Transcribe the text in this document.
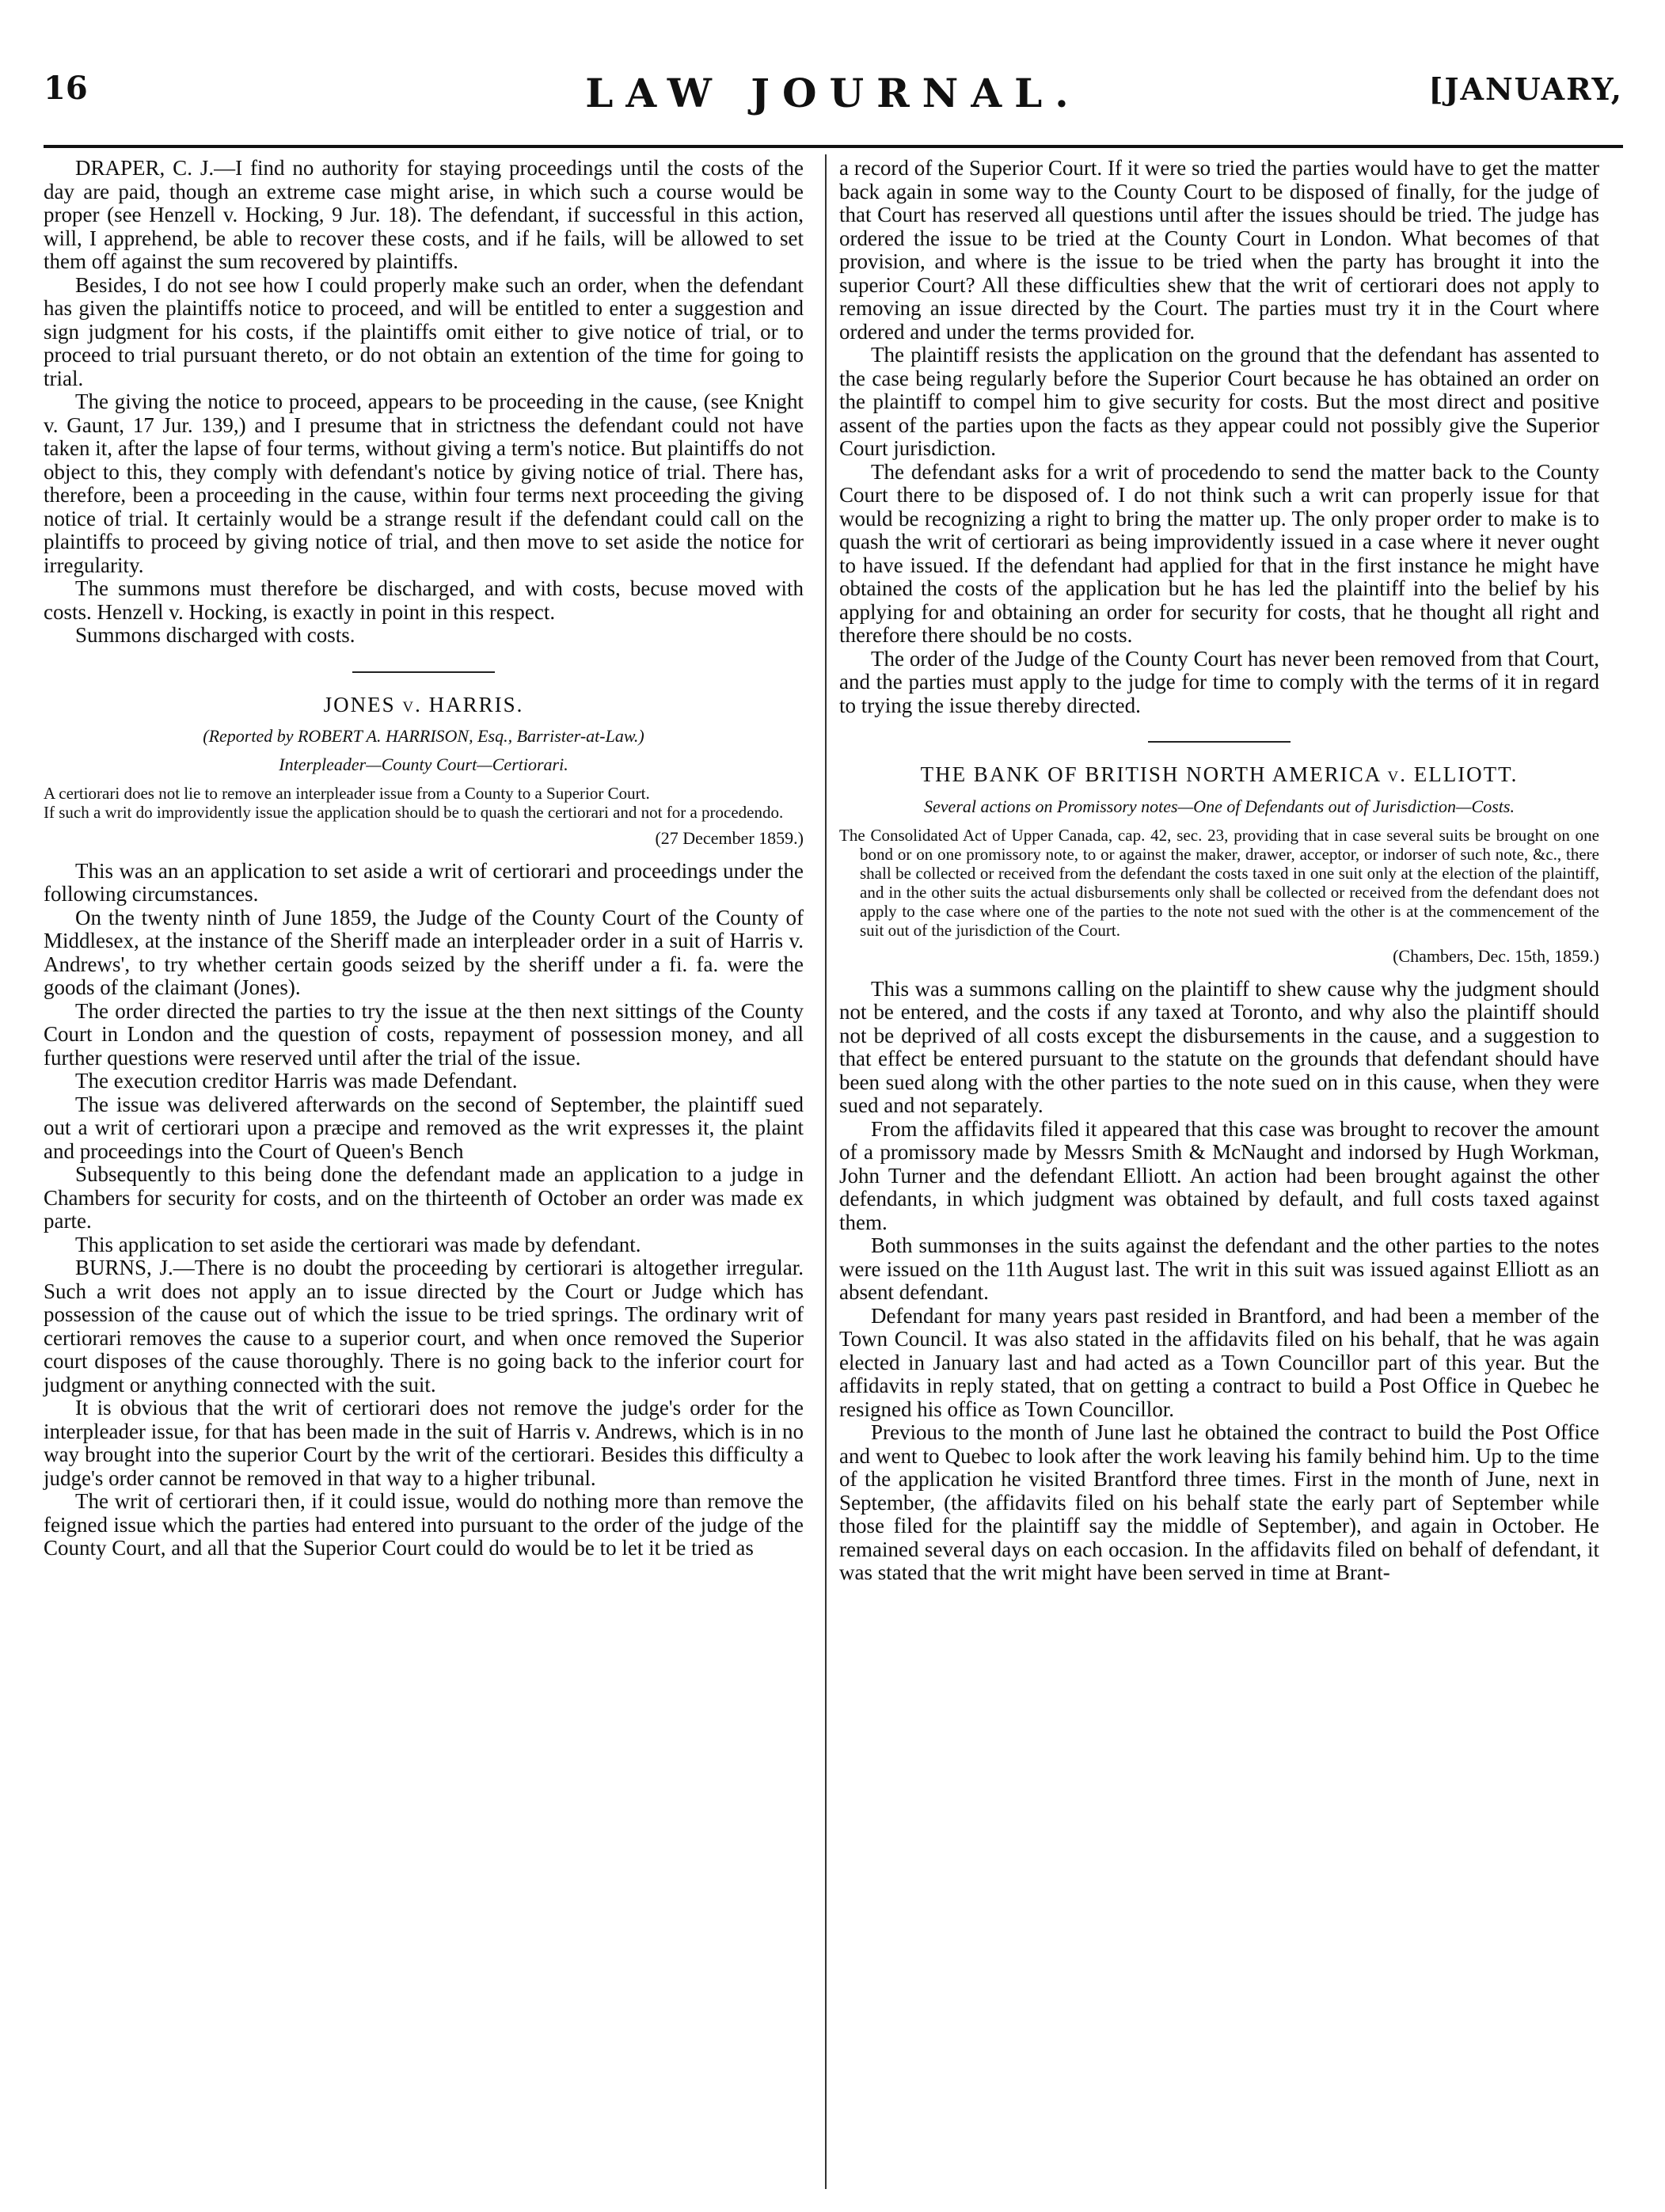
16	LAW JOURNAL.	[JANUARY,

DRAPER, C. J.—I find no authority for staying proceedings until the costs of the day are paid, though an extreme case might arise, in which such a course would be proper (see Henzell v. Hocking, 9 Jur. 18). The defendant, if successful in this action, will, I apprehend, be able to recover these costs, and if he fails, will be allowed to set them off against the sum recovered by plaintiffs.

Besides, I do not see how I could properly make such an order, when the defendant has given the plaintiffs notice to proceed, and will be entitled to enter a suggestion and sign judgment for his costs, if the plaintiffs omit either to give notice of trial, or to proceed to trial pursuant thereto, or do not obtain an extention of the time for going to trial.

The giving the notice to proceed, appears to be proceeding in the cause, (see Knight v. Gaunt, 17 Jur. 139,) and I presume that in strictness the defendant could not have taken it, after the lapse of four terms, without giving a term's notice. But plaintiffs do not object to this, they comply with defendant's notice by giving notice of trial. There has, therefore, been a proceeding in the cause, within four terms next proceeding the giving notice of trial. It certainly would be a strange result if the defendant could call on the plaintiffs to proceed by giving notice of trial, and then move to set aside the notice for irregularity.

The summons must therefore be discharged, and with costs, becuse moved with costs. Henzell v. Hocking, is exactly in point in this respect.

Summons discharged with costs.

JONES v. HARRIS.

(Reported by ROBERT A. HARRISON, Esq., Barrister-at-Law.)

Interpleader—County Court—Certiorari.

A certiorari does not lie to remove an interpleader issue from a County to a Superior Court.

If such a writ do improvidently issue the application should be to quash the certiorari and not for a procedendo.

(27 December 1859.)

This was an an application to set aside a writ of certiorari and proceedings under the following circumstances.

On the twenty ninth of June 1859, the Judge of the County Court of the County of Middlesex, at the instance of the Sheriff made an interpleader order in a suit of Harris v. Andrews', to try whether certain goods seized by the sheriff under a fi. fa. were the goods of the claimant (Jones).

The order directed the parties to try the issue at the then next sittings of the County Court in London and the question of costs, repayment of possession money, and all further questions were reserved until after the trial of the issue.

The execution creditor Harris was made Defendant.

The issue was delivered afterwards on the second of September, the plaintiff sued out a writ of certiorari upon a præcipe and removed as the writ expresses it, the plaint and proceedings into the Court of Queen's Bench

Subsequently to this being done the defendant made an application to a judge in Chambers for security for costs, and on the thirteenth of October an order was made ex parte.

This application to set aside the certiorari was made by defendant.

BURNS, J.—There is no doubt the proceeding by certiorari is altogether irregular. Such a writ does not apply an to issue directed by the Court or Judge which has possession of the cause out of which the issue to be tried springs. The ordinary writ of certiorari removes the cause to a superior court, and when once removed the Superior court disposes of the cause thoroughly. There is no going back to the inferior court for judgment or anything connected with the suit.

It is obvious that the writ of certiorari does not remove the judge's order for the interpleader issue, for that has been made in the suit of Harris v. Andrews, which is in no way brought into the superior Court by the writ of the certiorari. Besides this difficulty a judge's order cannot be removed in that way to a higher tribunal.

The writ of certiorari then, if it could issue, would do nothing more than remove the feigned issue which the parties had entered into pursuant to the order of the judge of the County Court, and all that the Superior Court could do would be to let it be tried as

a record of the Superior Court. If it were so tried the parties would have to get the matter back again in some way to the County Court to be disposed of finally, for the judge of that Court has reserved all questions until after the issues should be tried. The judge has ordered the issue to be tried at the County Court in London. What becomes of that provision, and where is the issue to be tried when the party has brought it into the superior Court? All these difficulties shew that the writ of certiorari does not apply to removing an issue directed by the Court. The parties must try it in the Court where ordered and under the terms provided for.

The plaintiff resists the application on the ground that the defendant has assented to the case being regularly before the Superior Court because he has obtained an order on the plaintiff to compel him to give security for costs. But the most direct and positive assent of the parties upon the facts as they appear could not possibly give the Superior Court jurisdiction.

The defendant asks for a writ of procedendo to send the matter back to the County Court there to be disposed of. I do not think such a writ can properly issue for that would be recognizing a right to bring the matter up. The only proper order to make is to quash the writ of certiorari as being improvidently issued in a case where it never ought to have issued. If the defendant had applied for that in the first instance he might have obtained the costs of the application but he has led the plaintiff into the belief by his applying for and obtaining an order for security for costs, that he thought all right and therefore there should be no costs.

The order of the Judge of the County Court has never been removed from that Court, and the parties must apply to the judge for time to comply with the terms of it in regard to trying the issue thereby directed.

THE BANK OF BRITISH NORTH AMERICA v. ELLIOTT.

Several actions on Promissory notes—One of Defendants out of Jurisdiction—Costs.

The Consolidated Act of Upper Canada, cap. 42, sec. 23, providing that in case several suits be brought on one bond or on one promissory note, to or against the maker, drawer, acceptor, or indorser of such note, &c., there shall be collected or received from the defendant the costs taxed in one suit only at the election of the plaintiff, and in the other suits the actual disbursements only shall be collected or received from the defendant does not apply to the case where one of the parties to the note not sued with the other is at the commencement of the suit out of the jurisdiction of the Court.

(Chambers, Dec. 15th, 1859.)

This was a summons calling on the plaintiff to shew cause why the judgment should not be entered, and the costs if any taxed at Toronto, and why also the plaintiff should not be deprived of all costs except the disbursements in the cause, and a suggestion to that effect be entered pursuant to the statute on the grounds that defendant should have been sued along with the other parties to the note sued on in this cause, when they were sued and not separately.

From the affidavits filed it appeared that this case was brought to recover the amount of a promissory made by Messrs Smith & McNaught and indorsed by Hugh Workman, John Turner and the defendant Elliott. An action had been brought against the other defendants, in which judgment was obtained by default, and full costs taxed against them.

Both summonses in the suits against the defendant and the other parties to the notes were issued on the 11th August last. The writ in this suit was issued against Elliott as an absent defendant.

Defendant for many years past resided in Brantford, and had been a member of the Town Council. It was also stated in the affidavits filed on his behalf, that he was again elected in January last and had acted as a Town Councillor part of this year. But the affidavits in reply stated, that on getting a contract to build a Post Office in Quebec he resigned his office as Town Councillor.

Previous to the month of June last he obtained the contract to build the Post Office and went to Quebec to look after the work leaving his family behind him. Up to the time of the application he visited Brantford three times. First in the month of June, next in September, (the affidavits filed on his behalf state the early part of September while those filed for the plaintiff say the middle of September), and again in October. He remained several days on each occasion. In the affidavits filed on behalf of defendant, it was stated that the writ might have been served in time at Brant-
